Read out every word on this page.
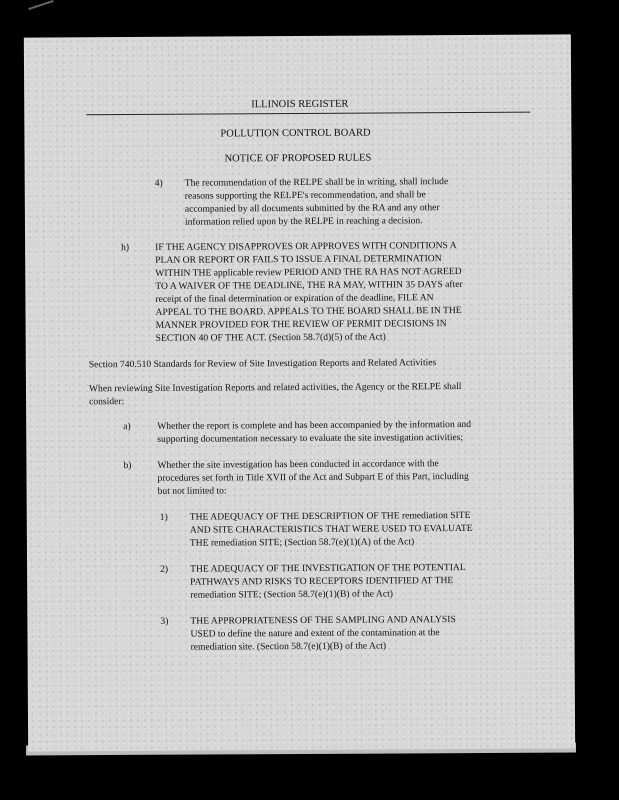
ILLINOIS REGISTER
POLLUTION CONTROL BOARD
NOTICE OF PROPOSED RULES
4) The recommendation of the RELPE shall be in writing, shall include
reasons supporting the RELPE's recommendation, and shall be
accompanied by all documents submitted by the RA and any other
information relied upon by the RELPE in reaching a decision.
h)	IF THE AGENCY DISAPPROVES OR APPROVES WITH CONDITIONS A
PLAN OR REPORT OR FAILS TO ISSUE A FINAL DETERMINATION
WITHIN THE applicable review PERIOD AND THE RA HAS NOT AGREED
TO A WAIVER OF THE DEADLINE, THE RA MAY, WITHIN 35 DAYS after
receipt of the final determination or expiration of the deadline, FILE AN
APPEAL TO THE BOARD. APPEALS TO THE BOARD SHALL BE IN THE
MANNER PROVIDED FOR THE REVIEW OF PERMIT DECISIONS IN
SECTION 40 OF THE ACT. (Section 58.7(d)(5) of the Act)
Section 740.510 Standards for Review of Site Investigation Reports and Related Activities
When reviewing Site Investigation Reports and related activities, the Agency or the RELPE shall
consider:
a)	Whether the report is complete and has been accompanied by the information and
supporting documentation necessary to evaluate the site investigation activities;
b)	Whether the site investigation has been conducted in accordance with the
procedures set forth in Title XVII of the Act and Subpart E of this Part, including
but not limited to:
1) THE ADEQUACY OF THE DESCRIPTION OF THE remediation SITE
AND SITE CHARACTERISTICS THAT WERE USED TO EVALUATE
THE remediation SITE; (Section 58.7(e)(1)(A) of the Act)
2) THE ADEQUACY OF THE INVESTIGATION OF THE POTENTIAL
PATHWAYS AND RISKS TO RECEPTORS IDENTIFIED AT THE
remediation SITE; (Section 58.7(e)(1)(B) of the Act)
3) THE APPROPRIATENESS OF THE SAMPLING AND ANALYSIS
USED to define the nature and extent of the contamination at the
remediation site. (Section 58.7(e)(1)(B) of the Act)
